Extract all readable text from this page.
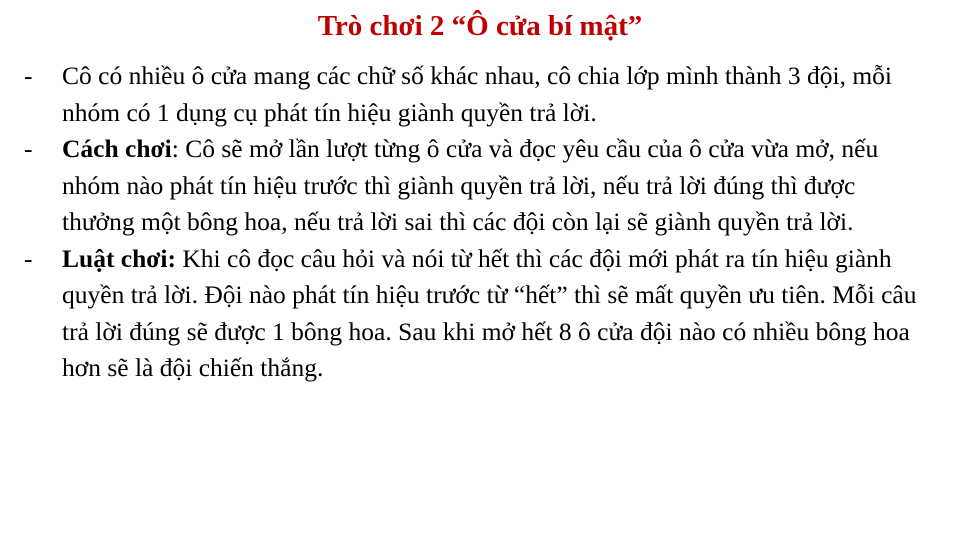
Trò chơi 2 “Ô cửa bí mật”
-	Cô có nhiều ô cửa mang các chữ số khác nhau, cô chia lớp mình thành 3 đội, mỗi nhóm có 1 dụng cụ phát tín hiệu giành quyền trả lời.
-	Cách chơi: Cô sẽ mở lần lượt từng ô cửa và đọc yêu cầu của ô cửa vừa mở, nếu nhóm nào phát tín hiệu trước thì giành quyền trả lời, nếu trả lời đúng thì được thưởng một bông hoa, nếu trả lời sai thì các đội còn lại sẽ giành quyền trả lời.
-	Luật chơi: Khi cô đọc câu hỏi và nói từ hết thì các đội mới phát ra tín hiệu giành quyền trả lời. Đội nào phát tín hiệu trước từ “hết” thì sẽ mất quyền ưu tiên. Mỗi câu trả lời đúng sẽ được 1 bông hoa. Sau khi mở hết 8 ô cửa đội nào có nhiều bông hoa hơn sẽ là đội chiến thắng.
